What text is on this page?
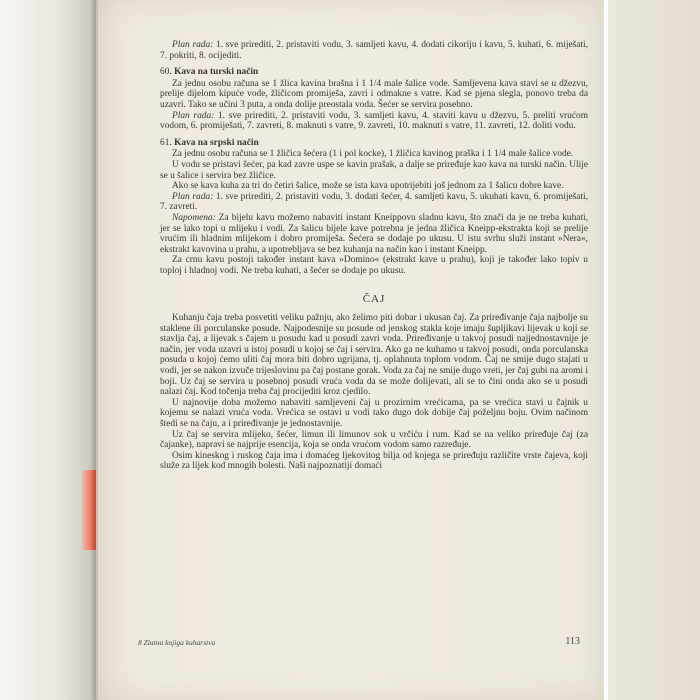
Plan rada: 1. sve prirediti, 2. pristaviti vodu, 3. samljeti kavu, 4. dodati cikoriju i kavu, 5. kuhati, 6. miješati, 7. pokriti, 8. ocijediti.

60. Kava na turski način

Za jednu osobu računa se 1 žlica kavina brašna i 1 1/4 male šalice vode. Samljevena kava stavi se u džezvu, prelije dijelom kipuće vode, žličicom promiješa, zavri i odmakne s vatre. Kad se pjena slegla, ponovo treba da uzavri. Tako se učini 3 puta, a onda dolije preostala voda. Šećer se servira posebno.

Plan rada: 1. sve prirediti, 2. pristaviti vodu, 3. samljeti kavu, 4. staviti kavu u džezvu, 5. preliti vrućom vodom, 6. promiješati, 7. zavreti, 8. maknuti s vatre, 9. zavreti, 10. maknuti s vatre, 11. zavreti, 12. doliti vodu.

61. Kava na srpski način

Za jednu osobu računa se 1 žličica šećera (1 i pol kocke), 1 žličica kavinog praška i 1 1/4 male šalice vode.

U vodu se pristavi šećer, pa kad zavre uspe se kavin prašak, a dalje se priređuje kao kava na turski način. Ulije se u šalice i servira bez žličice.

Ako se kava kuha za tri do četiri šalice, može se ista kava upotrijebiti još jednom za 1 šalicu dobre kave.

Plan rada: 1. sve prirediti, 2. pristaviti vodu, 3. dodati šećer, 4. samljeti kavu, 5. ukuhati kavu, 6. promiješati, 7. zavreti.

Napomena: Za bijelu kavu možemo nabaviti instant Kneippovu sladnu kavu, što znači da je ne treba kuhati, jer se lako topi u mlijeku i vodi. Za šalicu bijele kave potrebna je jedna žličica Kneipp-ekstrakta koji se prelije vrućim ili hladnim mlijekom i dobro promiješa. Šećera se dodaje po ukusu. U istu svrhu služi instant »Nera«, ekstrakt kavovina u prahu, a upotrebljava se bez kuhanja na način kao i instant Kneipp.

Za crnu kavu postoji također instant kava »Domino« (ekstrakt kave u prahu), koji je također lako topiv u toploj i hladnoj vodi. Ne treba kuhati, a šećer se dodaje po ukusu.

ČAJ

Kuhanju čaja treba posvetiti veliku pažnju, ako želimo piti dobar i ukusan čaj. Za priređivanje čaja najbolje su staklene ili porculanske posude. Najpodesnije su posude od jenskog stakla koje imaju šupljikavi lijevak u koji se stavlja čaj, a lijevak s čajem u posudu kad u posudi zavri voda. Priređivanje u takvoj posudi najjednostavnije je način, jer voda uzavri u istoj posudi u kojoj se čaj i servira. Ako ga ne kuhamo u takvoj posudi, onda porculanska posuda u kojoj ćemo uliti čaj mora biti dobro ugrijana, tj. oplahnuta toplom vodom. Čaj ne smije dugo stajati u vodi, jer se nakon izvuče trijeslovinu pa čaj postane gorak. Voda za čaj ne smije dugo vreti, jer čaj gubi na aromi i boji. Uz čaj se servira u posebnoj posudi vruća voda da se može dolijevati, ali se to čini onda ako se u posudi nalazi čaj. Kod točenja treba čaj procijediti kroz cjedilo.

U najnovije doba možemo nabaviti samljeveni čaj u prozirnim vrećicama, pa se vrećica stavi u čajnik u kojemu se nalazi vruća voda. Vrećica se ostavi u vodi tako dugo dok dobije čaj poželjnu boju. Ovim načinom štedi se na čaju, a i priređivanje je jednostavnije.

Uz čaj se servira mlijeko, šećer, limun ili limunov sok u vrčiću i rum. Kad se na veliko priređuje čaj (za čajanke), napravi se najprije esencija, koja se onda vrućom vodom samo razređuje.

Osim kineskog i ruskog čaja ima i domaćeg ljekovitog bilja od kojega se priređuju različite vrste čajeva, koji služe za lijek kod mnogih bolesti. Naši najpoznatiji domaći

8 Zlatna knjiga kuharstva	113
